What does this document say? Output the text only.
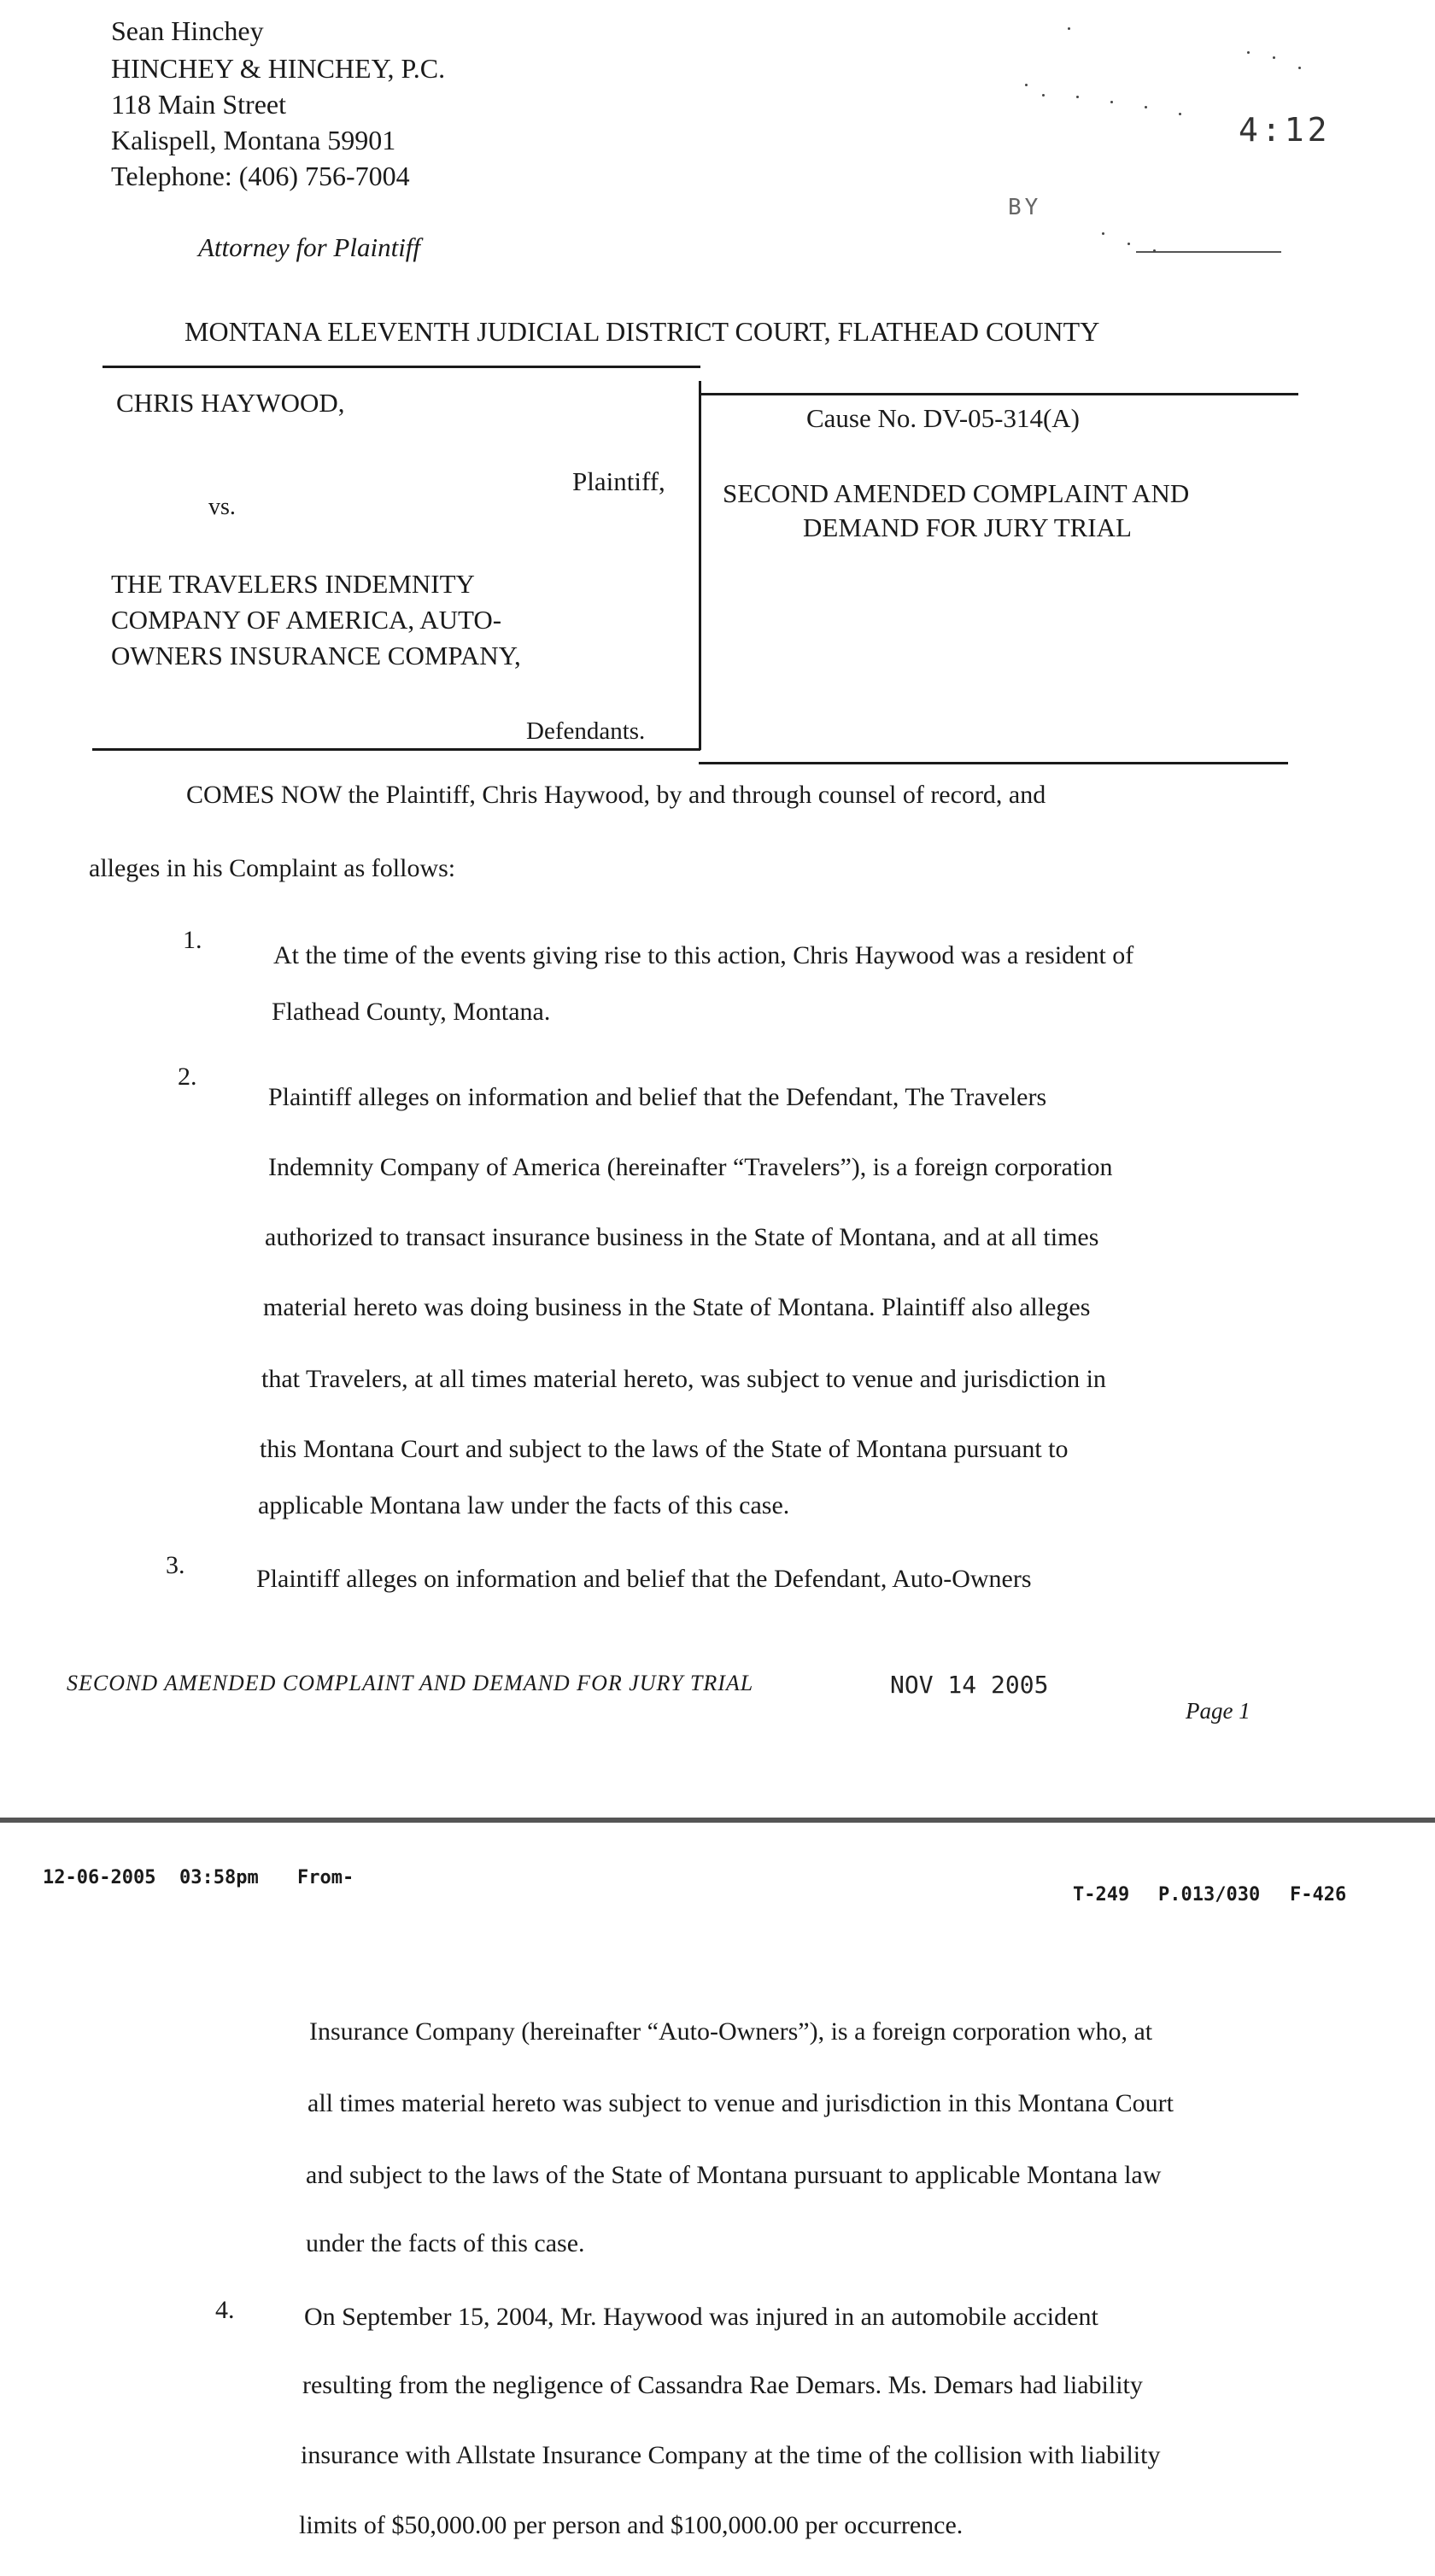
Sean Hinchey
HINCHEY & HINCHEY, P.C.
118 Main Street
Kalispell, Montana 59901
Telephone: (406) 756-7004
Attorney for Plaintiff
4:12
BY
MONTANA ELEVENTH JUDICIAL DISTRICT COURT, FLATHEAD COUNTY
CHRIS HAYWOOD,
Plaintiff,
vs.
THE TRAVELERS INDEMNITY
COMPANY OF AMERICA, AUTO-
OWNERS INSURANCE COMPANY,
Defendants.
Cause No. DV-05-314(A)
SECOND AMENDED COMPLAINT AND
DEMAND FOR JURY TRIAL
COMES NOW the Plaintiff, Chris Haywood, by and through counsel of record, and
alleges in his Complaint as follows:
1.
At the time of the events giving rise to this action, Chris Haywood was a resident of
Flathead County, Montana.
2.
Plaintiff alleges on information and belief that the Defendant, The Travelers
Indemnity Company of America (hereinafter “Travelers”), is a foreign corporation
authorized to transact insurance business in the State of Montana, and at all times
material hereto was doing business in the State of Montana. Plaintiff also alleges
that Travelers, at all times material hereto, was subject to venue and jurisdiction in
this Montana Court and subject to the laws of the State of Montana pursuant to
applicable Montana law under the facts of this case.
3.	Plaintiff alleges on information and belief that the Defendant, Auto-Owners
SECOND AMENDED COMPLAINT AND DEMAND FOR JURY TRIAL	NOV 14 2005
Page 1
12-06-2005 03:58pm From-
T-249 P.013/030 F-426
Insurance Company (hereinafter “Auto-Owners”), is a foreign corporation who, at
all times material hereto was subject to venue and jurisdiction in this Montana Court
and subject to the laws of the State of Montana pursuant to applicable Montana law
under the facts of this case.
4.	On September 15, 2004, Mr. Haywood was injured in an automobile accident
resulting from the negligence of Cassandra Rae Demars. Ms. Demars had liability
insurance with Allstate Insurance Company at the time of the collision with liability
limits of $50,000.00 per person and $100,000.00 per occurrence.
